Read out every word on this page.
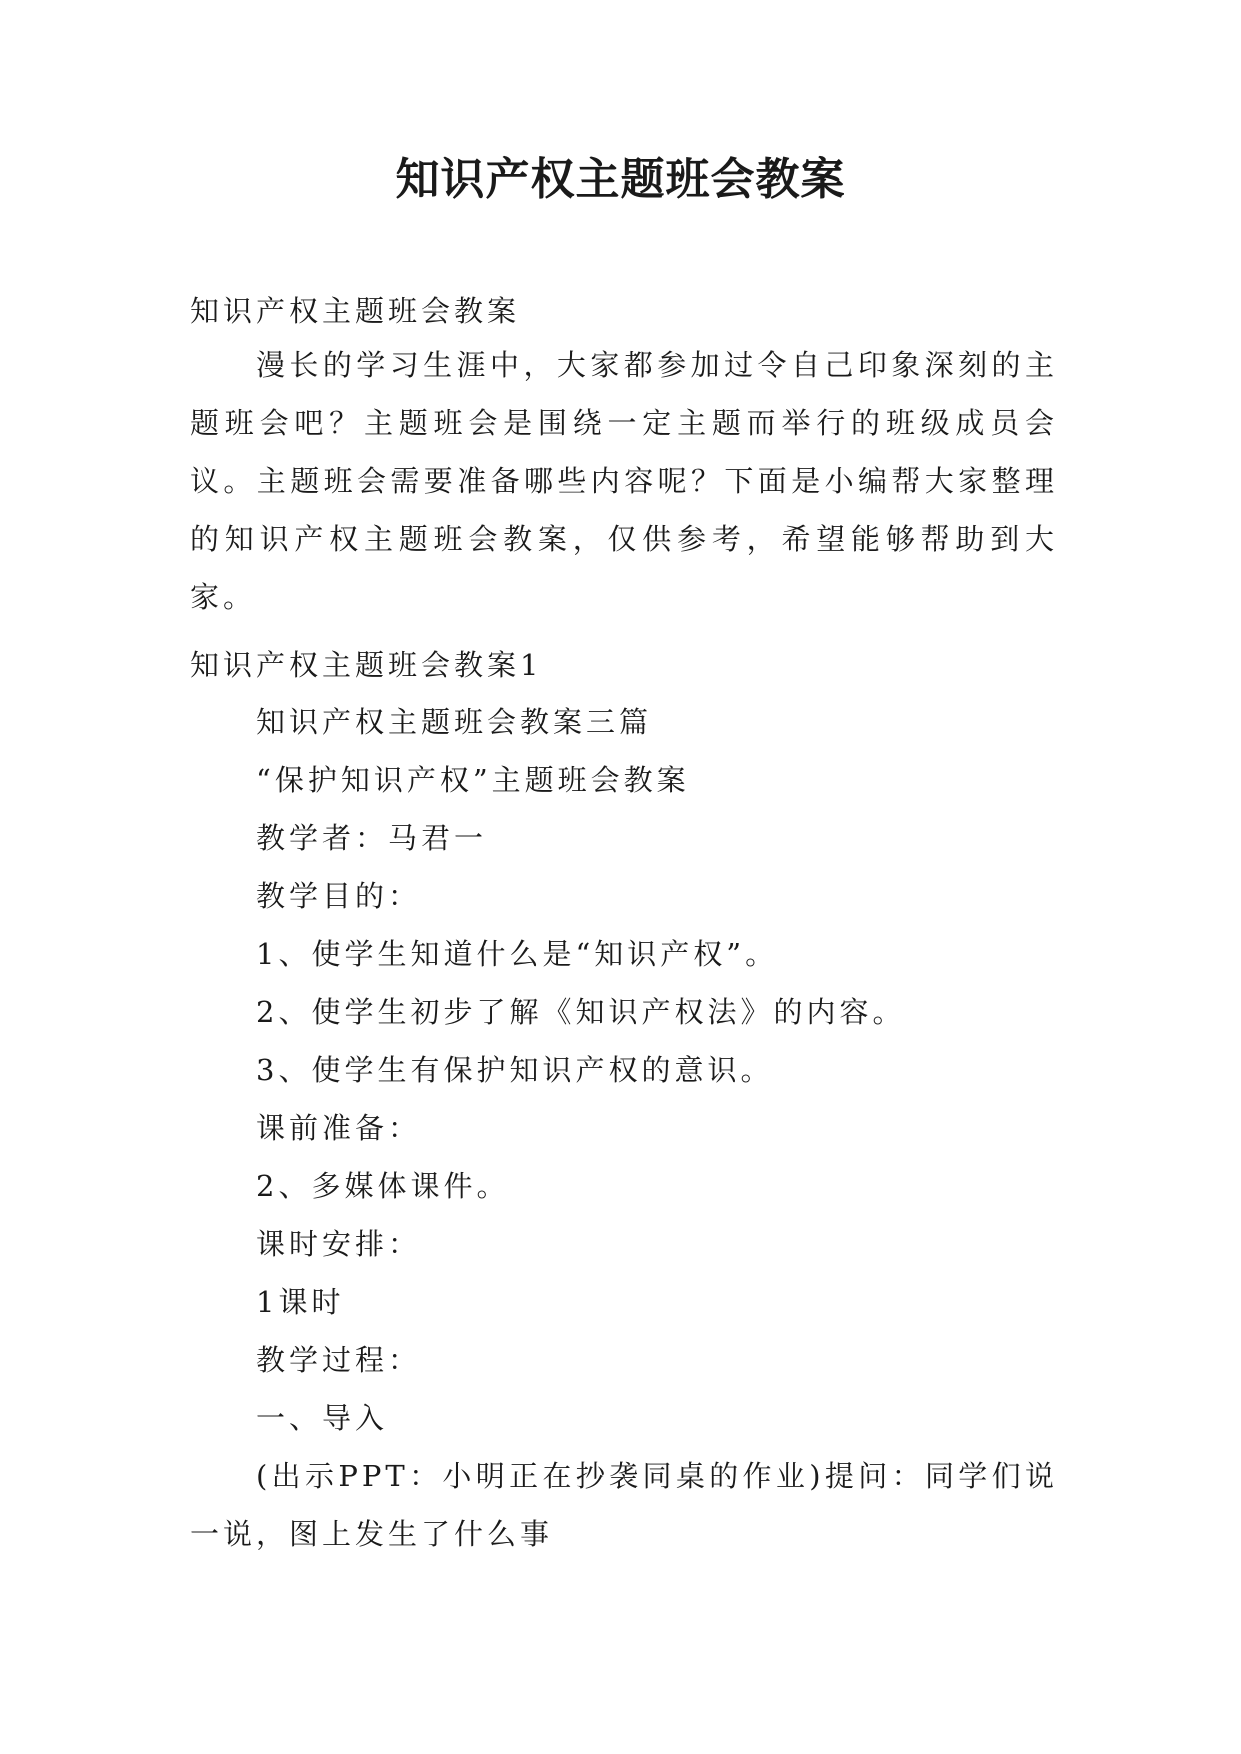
知识产权主题班会教案
知识产权主题班会教案
漫长的学习生涯中，大家都参加过令自己印象深刻的主题班会吧？主题班会是围绕一定主题而举行的班级成员会议。主题班会需要准备哪些内容呢？下面是小编帮大家整理的知识产权主题班会教案，仅供参考，希望能够帮助到大家。
知识产权主题班会教案1
知识产权主题班会教案三篇
“保护知识产权”主题班会教案
教学者：马君一
教学目的：
1、使学生知道什么是“知识产权”。
2、使学生初步了解《知识产权法》的内容。
3、使学生有保护知识产权的意识。
课前准备：
2、多媒体课件。
课时安排：
1课时
教学过程：
一、导入
(出示PPT：小明正在抄袭同桌的作业)提问：同学们说一说，图上发生了什么事
